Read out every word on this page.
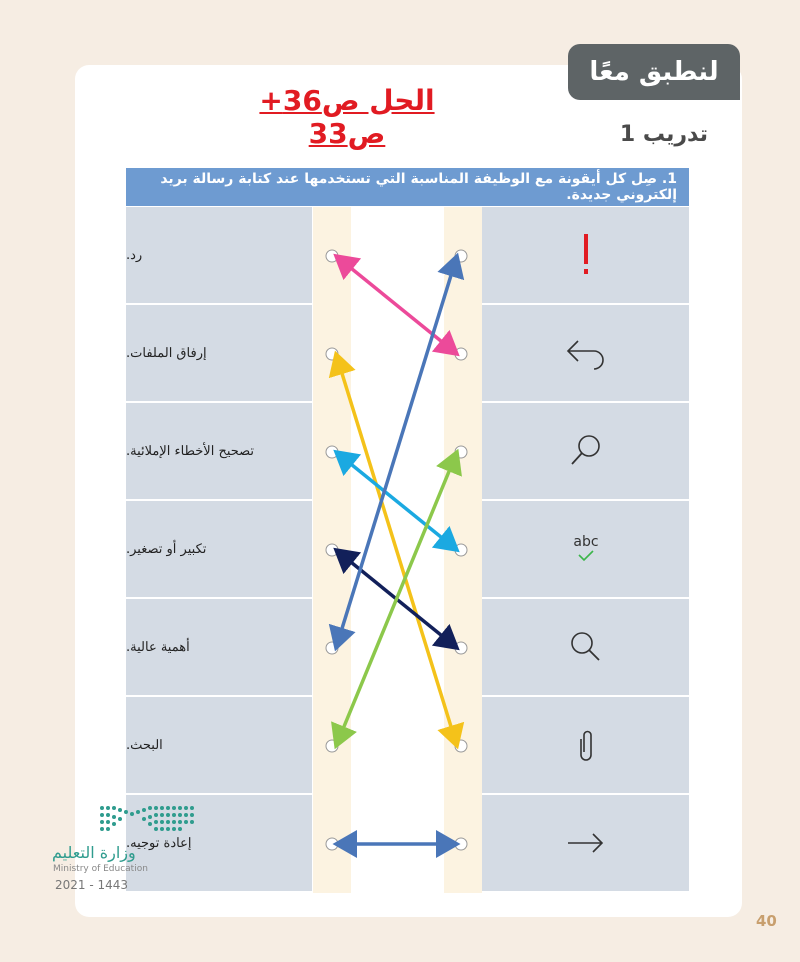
لنطبق معًا
الحل ص36+ ص33	تدريب 1
1. صِل كل أيقونة مع الوظيفة المناسبة التي تستخدمها عند كتابة رسالة بريد إلكتروني جديدة.
رد.
إرفاق الملفات.
تصحيح الأخطاء الإملائية.
تكبير أو تصغير.
أهمية عالية.
البحث.
إعادة توجيه.
abc
وزارة التعليم
Ministry of Education
2021 - 1443
40
